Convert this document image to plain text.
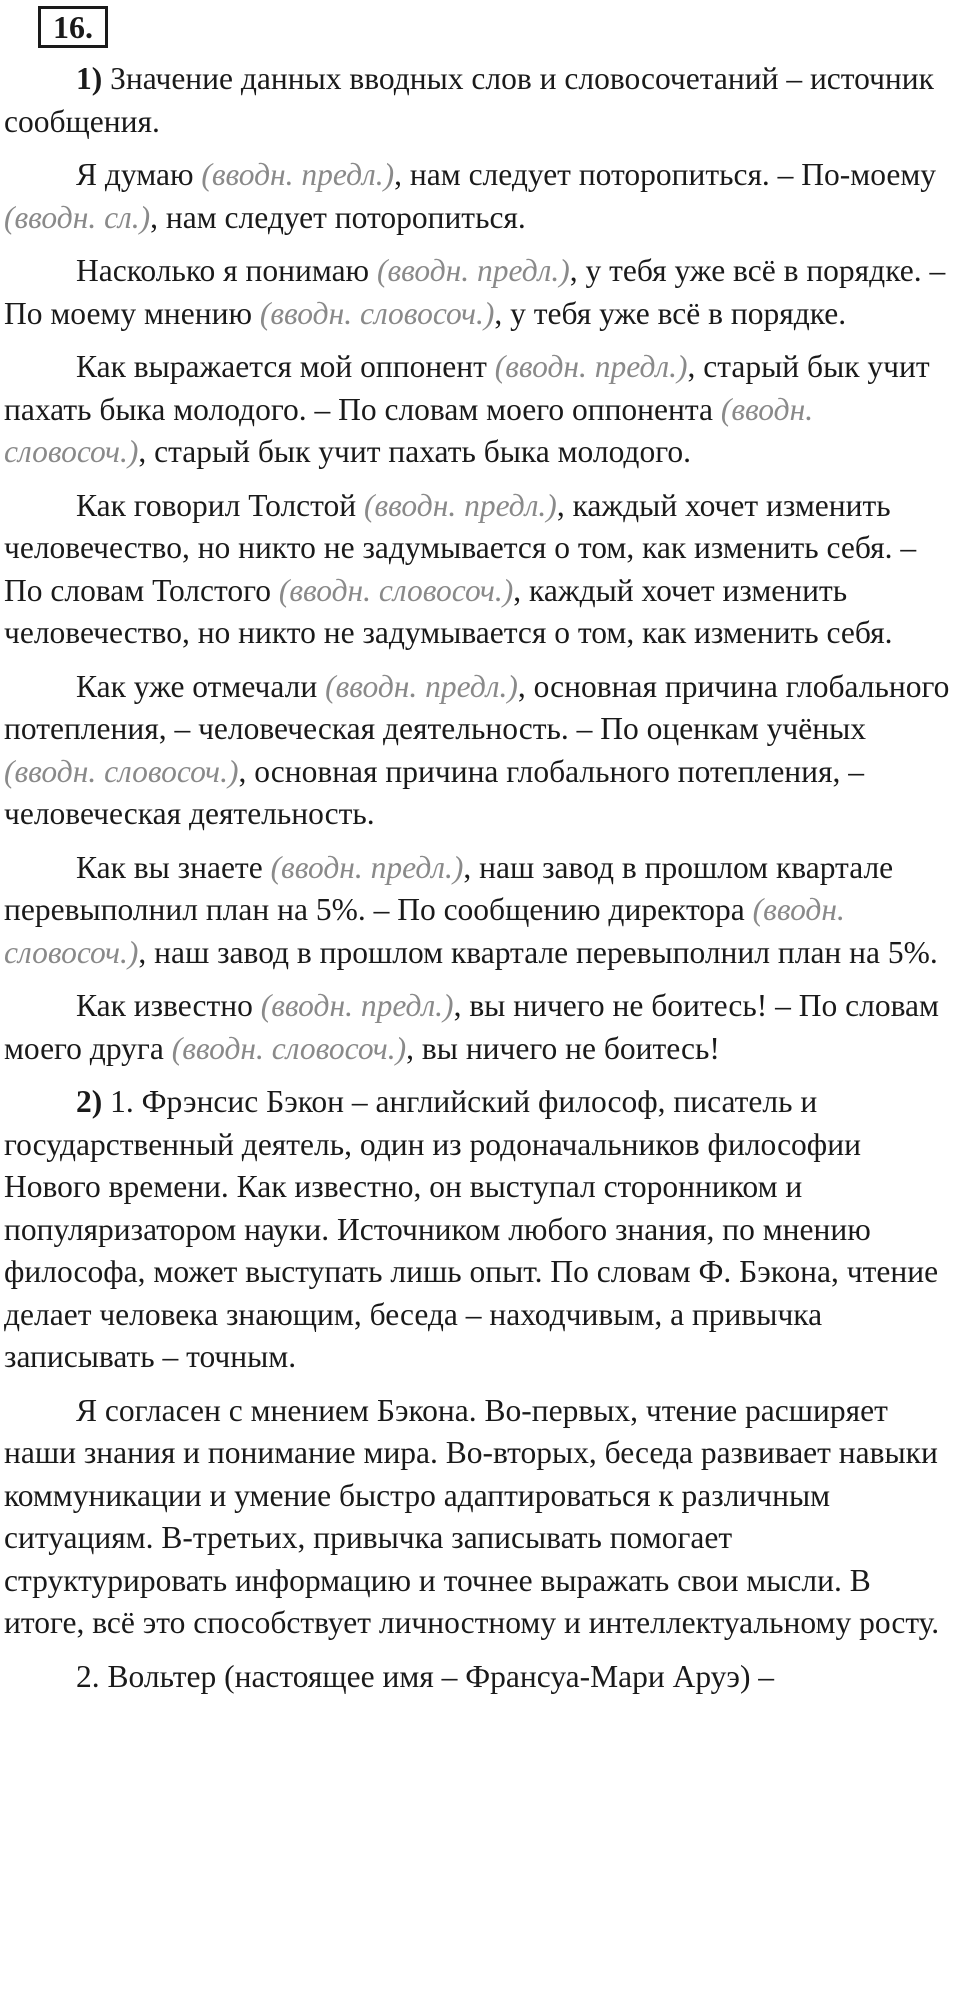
16.

1) Значение данных вводных слов и словосочетаний – источник сообщения.

Я думаю (вводн. предл.), нам следует поторопиться. – По-моему (вводн. сл.), нам следует поторопиться.

Насколько я понимаю (вводн. предл.), у тебя уже всё в порядке. – По моему мнению (вводн. словосоч.), у тебя уже всё в порядке.

Как выражается мой оппонент (вводн. предл.), старый бык учит пахать быка молодого. – По словам моего оппонента (вводн. словосоч.), старый бык учит пахать быка молодого.

Как говорил Толстой (вводн. предл.), каждый хочет изменить человечество, но никто не задумывается о том, как изменить себя. – По словам Толстого (вводн. словосоч.), каждый хочет изменить человечество, но никто не задумывается о том, как изменить себя.

Как уже отмечали (вводн. предл.), основная причина глобального потепления, – человеческая деятельность. – По оценкам учёных (вводн. словосоч.), основная причина глобального потепления, – человеческая деятельность.

Как вы знаете (вводн. предл.), наш завод в прошлом квартале перевыполнил план на 5%. – По сообщению директора (вводн. словосоч.), наш завод в прошлом квартале перевыполнил план на 5%.

Как известно (вводн. предл.), вы ничего не боитесь! – По словам моего друга (вводн. словосоч.), вы ничего не боитесь!

2) 1. Фрэнсис Бэкон – английский философ, писатель и государственный деятель, один из родоначальников философии Нового времени. Как известно, он выступал сторонником и популяризатором науки. Источником любого знания, по мнению философа, может выступать лишь опыт. По словам Ф. Бэкона, чтение делает человека знающим, беседа – находчивым, а привычка записывать – точным.

Я согласен с мнением Бэкона. Во-первых, чтение расширяет наши знания и понимание мира. Во-вторых, беседа развивает навыки коммуникации и умение быстро адаптироваться к различным ситуациям. В-третьих, привычка записывать помогает структурировать информацию и точнее выражать свои мысли. В итоге, всё это способствует личностному и интеллектуальному росту.

2. Вольтер (настоящее имя – Франсуа-Мари Аруэ) –
